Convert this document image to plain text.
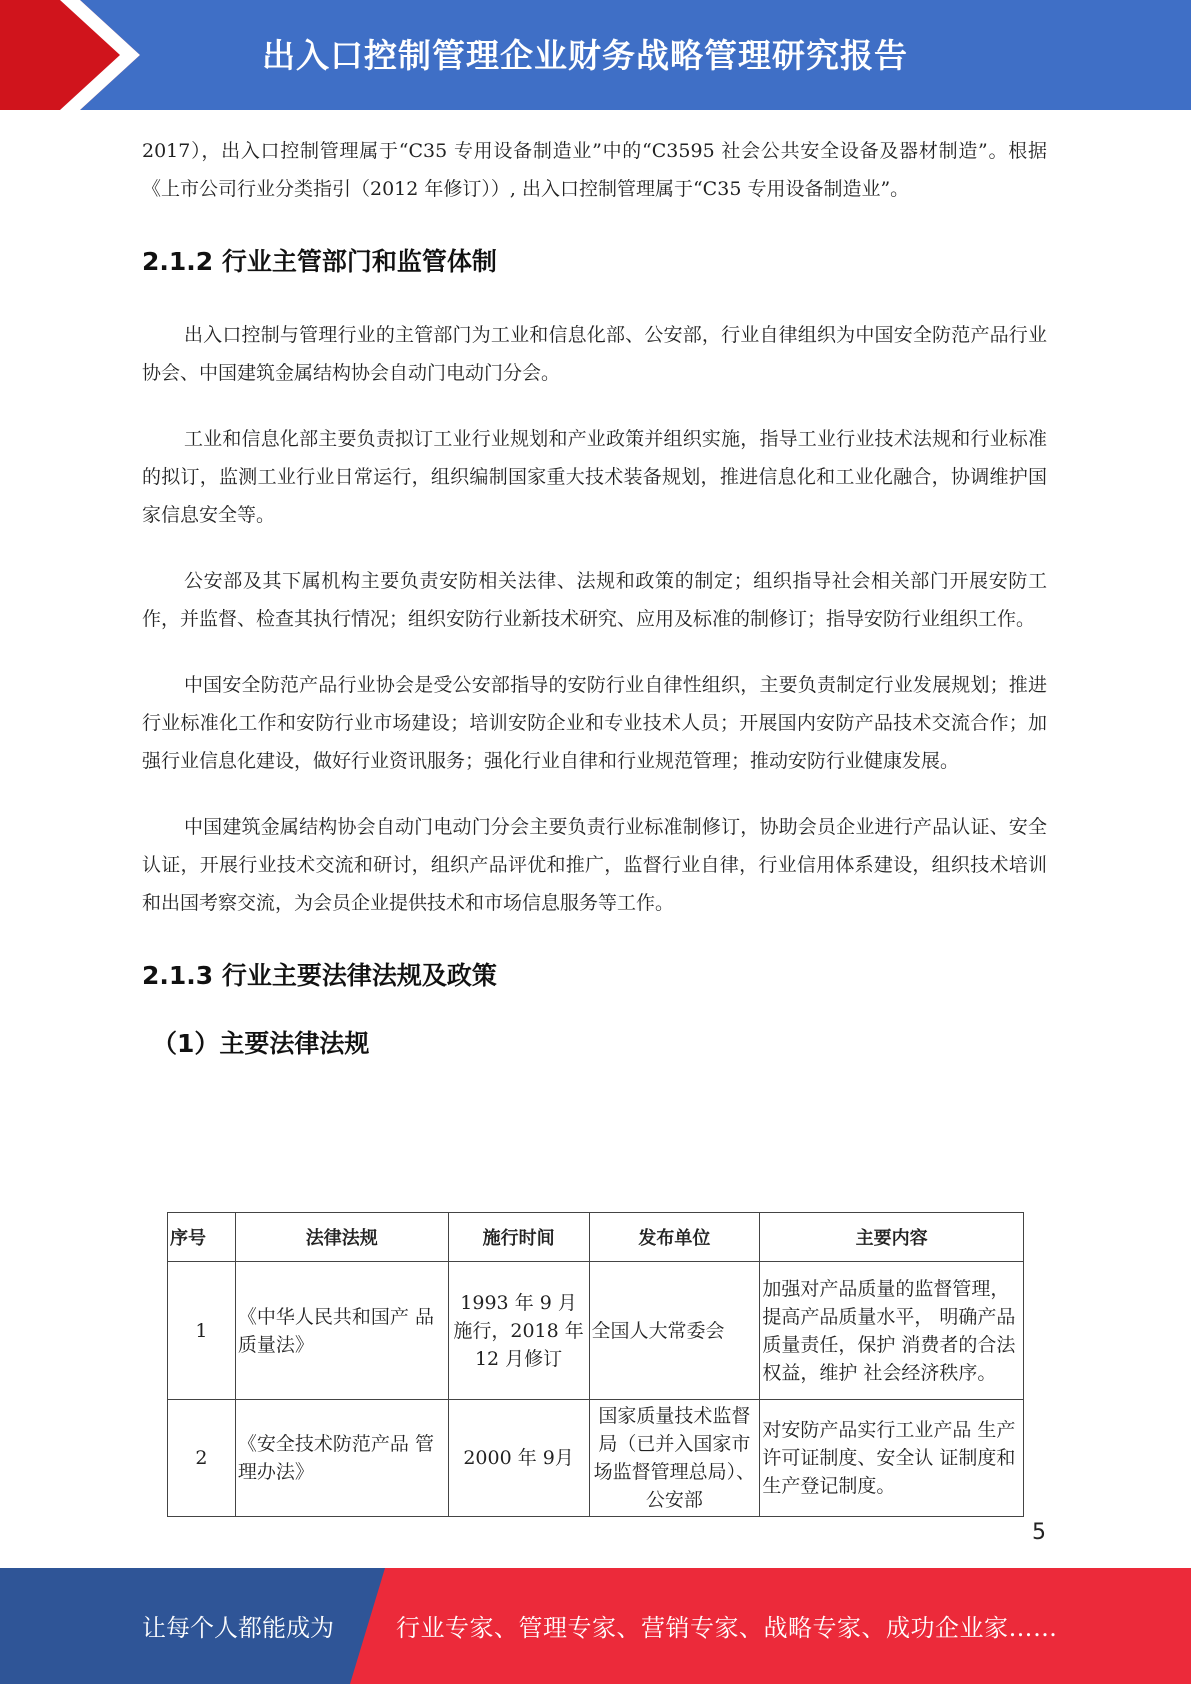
出入口控制管理企业财务战略管理研究报告

2017），出入口控制管理属于“C35 专用设备制造业”中的“C3595 社会公共安全设备及器材制造”。根据《上市公司行业分类指引（2012 年修订））, 出入口控制管理属于“C35 专用设备制造业”。

2.1.2 行业主管部门和监管体制

出入口控制与管理行业的主管部门为工业和信息化部、公安部，行业自律组织为中国安全防范产品行业协会、中国建筑金属结构协会自动门电动门分会。

工业和信息化部主要负责拟订工业行业规划和产业政策并组织实施，指导工业行业技术法规和行业标准的拟订，监测工业行业日常运行，组织编制国家重大技术装备规划，推进信息化和工业化融合，协调维护国家信息安全等。

公安部及其下属机构主要负责安防相关法律、法规和政策的制定；组织指导社会相关部门开展安防工作，并监督、检查其执行情况；组织安防行业新技术研究、应用及标准的制修订；指导安防行业组织工作。

中国安全防范产品行业协会是受公安部指导的安防行业自律性组织，主要负责制定行业发展规划；推进行业标准化工作和安防行业市场建设；培训安防企业和专业技术人员；开展国内安防产品技术交流合作；加强行业信息化建设，做好行业资讯服务；强化行业自律和行业规范管理；推动安防行业健康发展。

中国建筑金属结构协会自动门电动门分会主要负责行业标准制修订，协助会员企业进行产品认证、安全认证，开展行业技术交流和研讨，组织产品评优和推广，监督行业自律，行业信用体系建设，组织技术培训和出国考察交流，为会员企业提供技术和市场信息服务等工作。

2.1.3 行业主要法律法规及政策
（1）主要法律法规
序号	法律法规	施行时间	发布单位	主要内容
1	《中华人民共和国产 品质量法》	1993 年 9 月 施行，2018 年 12 月修订	全国人大常委会	加强对产品质量的监督管理，提高产品质量水平， 明确产品质量责任，保护 消费者的合法权益，维护 社会经济秩序。
2	《安全技术防范产品 管理办法》	2000 年 9月	国家质量技术监督局（已并入国家市场监督管理总局）、公安部	对安防产品实行工业产品 生产许可证制度、安全认 证制度和生产登记制度。
5
让每个人都能成为	行业专家、管理专家、营销专家、战略专家、成功企业家……
